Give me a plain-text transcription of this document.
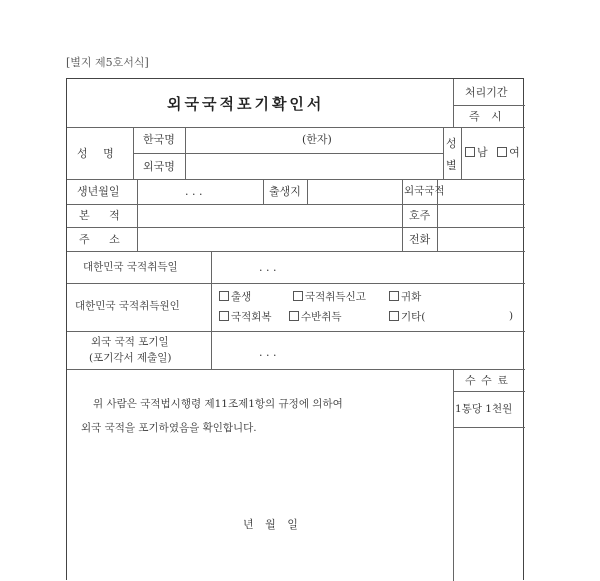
[별지 제5호서식]
외국국적포기확인서
처리기간
즉 시
성 명
한국명	(한자)
외국명
성별
남 여
생년월일	. . .	출생지	외국국적
본 적	호주
주 소	전화
대한민국 국적취득일	. . .
대한민국 국적취득원인
출생	국적취득신고	귀화
국적회복	수반취득	기타(	)
외국 국적 포기일
(포기각서 제출일)	. . .
수 수 료
1통당 1천원
위 사람은 국적법시행령 제11조제1항의 규정에 의하여
외국 국적을 포기하였음을 확인합니다.
년 월 일
